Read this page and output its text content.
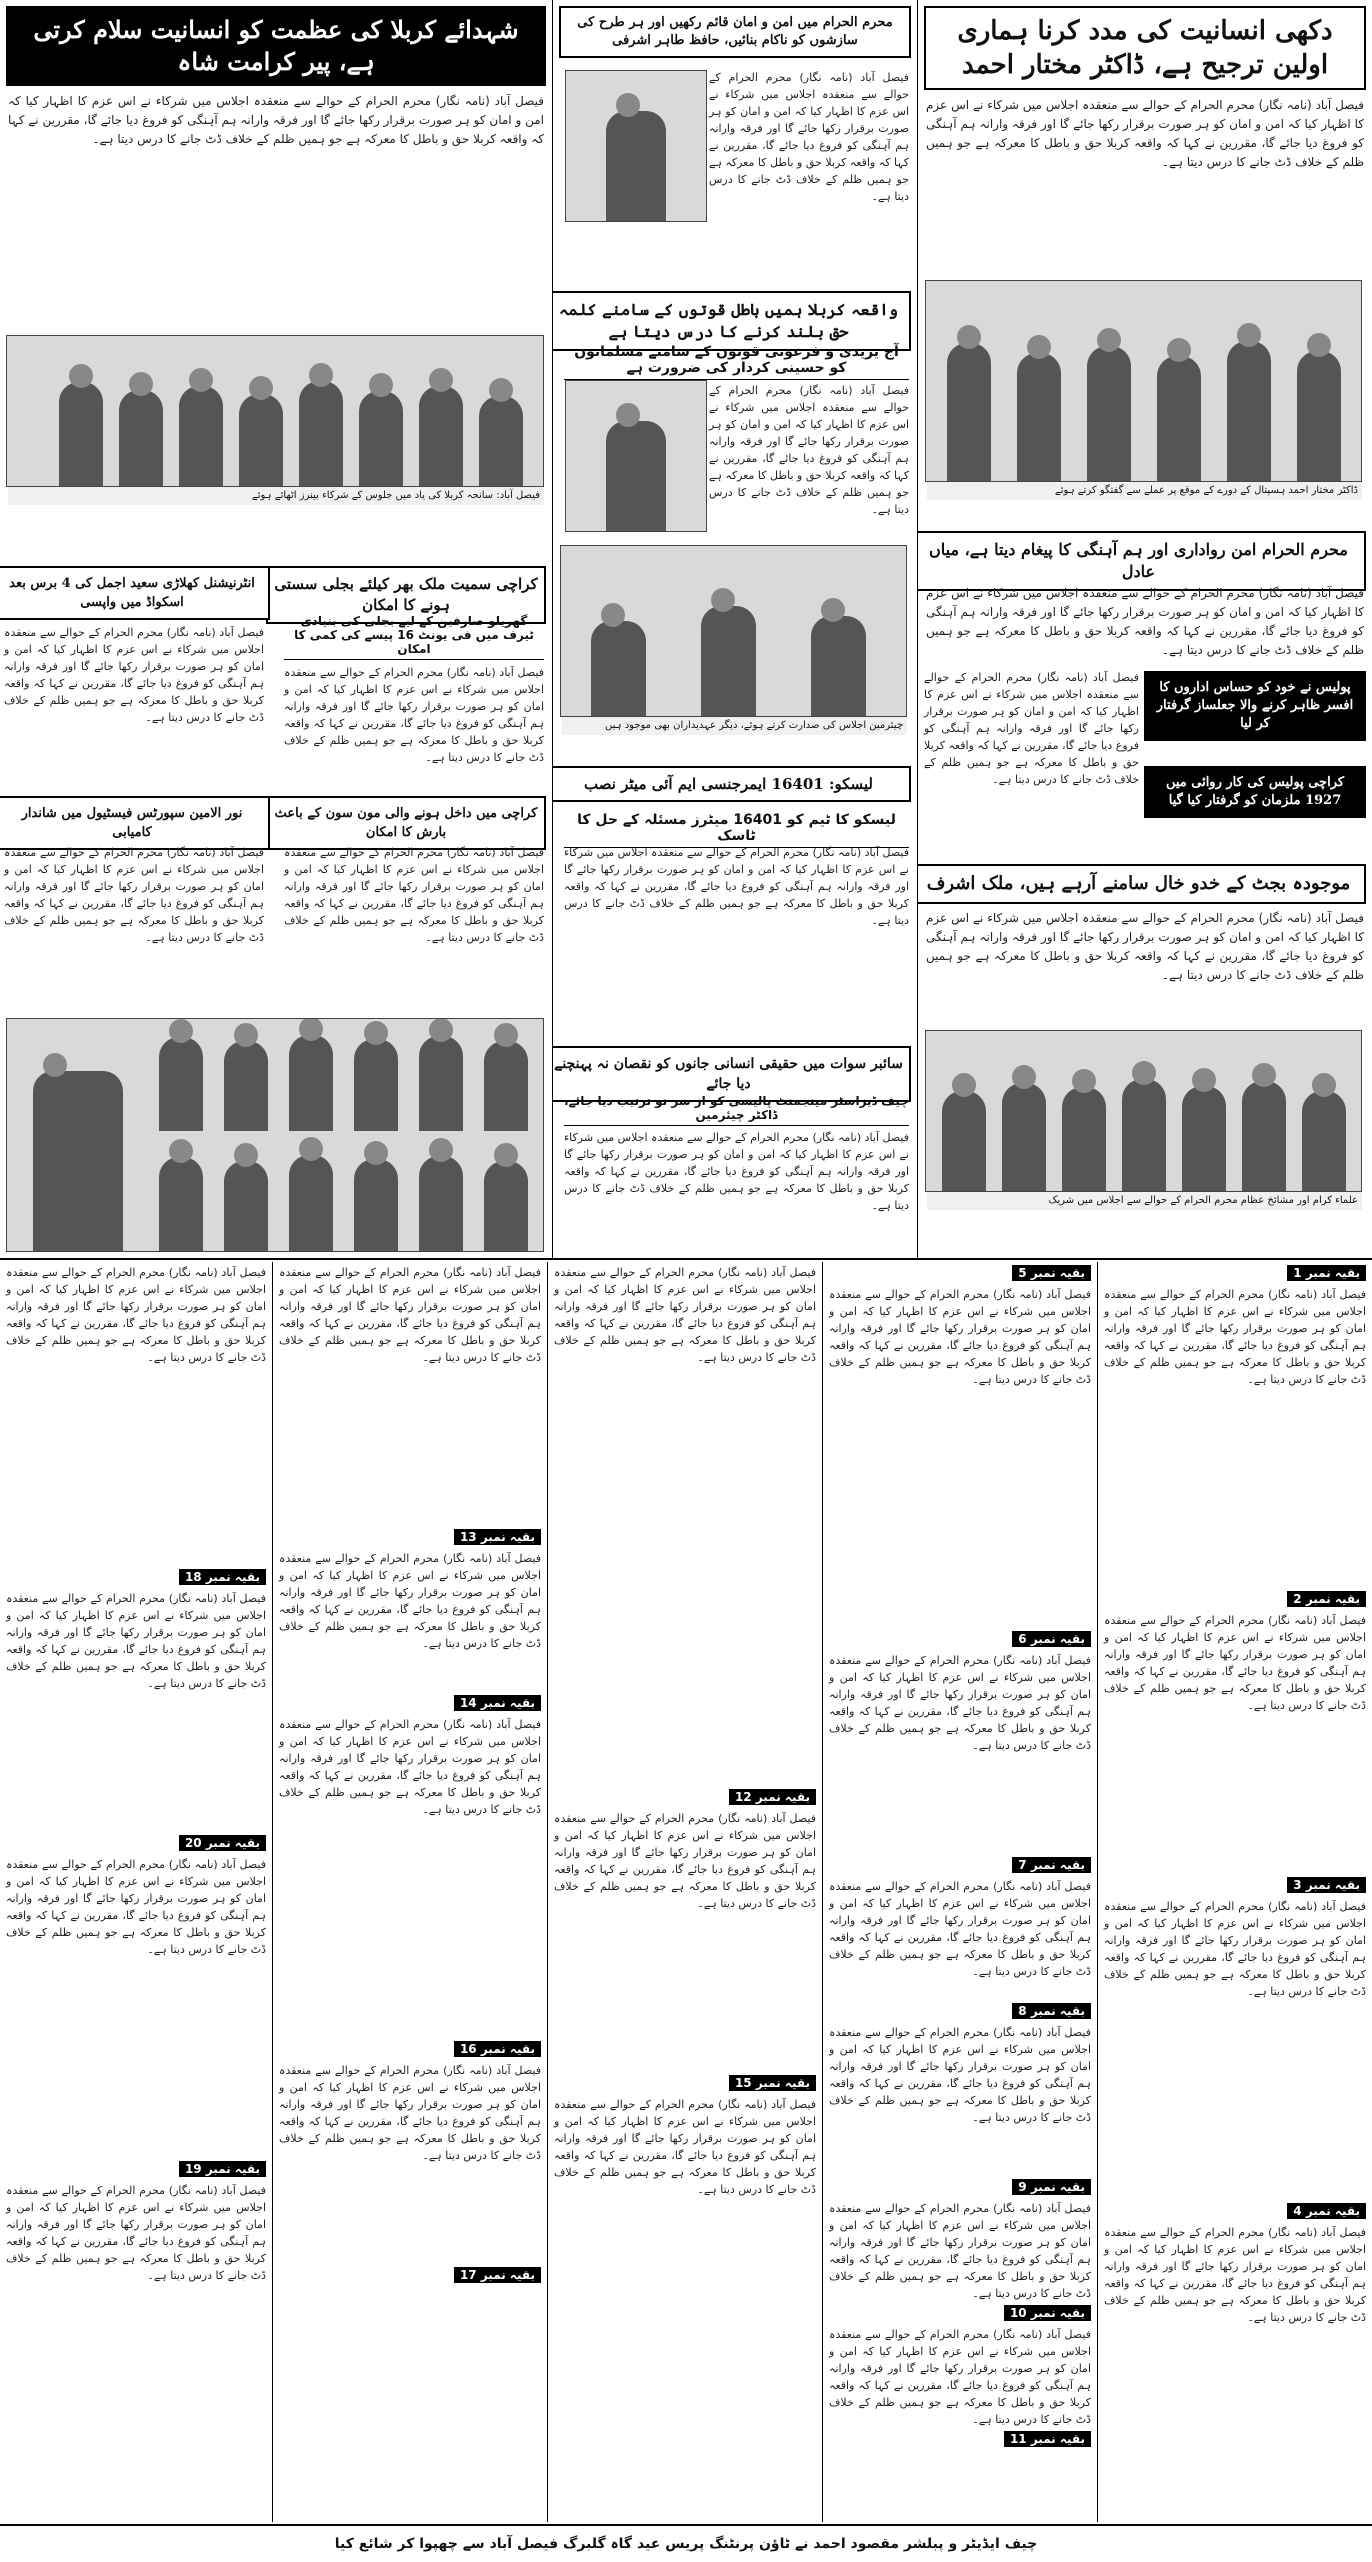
دکھی انسانیت کی مدد کرنا ہماری اولین ترجیح ہے، ڈاکٹر مختار احمد
فیصل آباد (نامہ نگار) محرم الحرام کے حوالے سے منعقدہ اجلاس میں شرکاء نے اس عزم کا اظہار کیا کہ امن و امان کو ہر صورت برقرار رکھا جائے گا اور فرقہ وارانہ ہم آہنگی کو فروغ دیا جائے گا، مقررین نے کہا کہ واقعہ کربلا حق و باطل کا معرکہ ہے جو ہمیں ظلم کے خلاف ڈٹ جانے کا درس دیتا ہے۔
ڈاکٹر مختار احمد ہسپتال کے دورے کے موقع پر عملے سے گفتگو کرتے ہوئے
محرم الحرام امن رواداری اور ہم آہنگی کا پیغام دیتا ہے، میاں عادل
فیصل آباد (نامہ نگار) محرم الحرام کے حوالے سے منعقدہ اجلاس میں شرکاء نے اس عزم کا اظہار کیا کہ امن و امان کو ہر صورت برقرار رکھا جائے گا اور فرقہ وارانہ ہم آہنگی کو فروغ دیا جائے گا، مقررین نے کہا کہ واقعہ کربلا حق و باطل کا معرکہ ہے جو ہمیں ظلم کے خلاف ڈٹ جانے کا درس دیتا ہے۔
پولیس نے خود کو حساس اداروں کا افسر ظاہر کرنے والا جعلساز گرفتار کر لیا
کراچی پولیس کی کار روائی میں 1927 ملزمان کو گرفتار کیا گیا
فیصل آباد (نامہ نگار) محرم الحرام کے حوالے سے منعقدہ اجلاس میں شرکاء نے اس عزم کا اظہار کیا کہ امن و امان کو ہر صورت برقرار رکھا جائے گا اور فرقہ وارانہ ہم آہنگی کو فروغ دیا جائے گا، مقررین نے کہا کہ واقعہ کربلا حق و باطل کا معرکہ ہے جو ہمیں ظلم کے خلاف ڈٹ جانے کا درس دیتا ہے۔
موجودہ بجٹ کے خدو خال سامنے آرہے ہیں، ملک اشرف
فیصل آباد (نامہ نگار) محرم الحرام کے حوالے سے منعقدہ اجلاس میں شرکاء نے اس عزم کا اظہار کیا کہ امن و امان کو ہر صورت برقرار رکھا جائے گا اور فرقہ وارانہ ہم آہنگی کو فروغ دیا جائے گا، مقررین نے کہا کہ واقعہ کربلا حق و باطل کا معرکہ ہے جو ہمیں ظلم کے خلاف ڈٹ جانے کا درس دیتا ہے۔
علماء کرام اور مشائخ عظام محرم الحرام کے حوالے سے اجلاس میں شریک
محرم الحرام میں امن و امان قائم رکھیں اور ہر طرح کی سازشوں کو ناکام بنائیں، حافظ طاہر اشرفی
فیصل آباد (نامہ نگار) محرم الحرام کے حوالے سے منعقدہ اجلاس میں شرکاء نے اس عزم کا اظہار کیا کہ امن و امان کو ہر صورت برقرار رکھا جائے گا اور فرقہ وارانہ ہم آہنگی کو فروغ دیا جائے گا، مقررین نے کہا کہ واقعہ کربلا حق و باطل کا معرکہ ہے جو ہمیں ظلم کے خلاف ڈٹ جانے کا درس دیتا ہے۔
واقعہ کربلا ہمیں باطل قوتوں کے سامنے کلمہ حق بلند کرنے کا درس دیتا ہے
آج یزیدی و فرعونی قوتوں کے سامنے مسلمانوں کو حسینی کردار کی ضرورت ہے
فیصل آباد (نامہ نگار) محرم الحرام کے حوالے سے منعقدہ اجلاس میں شرکاء نے اس عزم کا اظہار کیا کہ امن و امان کو ہر صورت برقرار رکھا جائے گا اور فرقہ وارانہ ہم آہنگی کو فروغ دیا جائے گا، مقررین نے کہا کہ واقعہ کربلا حق و باطل کا معرکہ ہے جو ہمیں ظلم کے خلاف ڈٹ جانے کا درس دیتا ہے۔
چیئرمین اجلاس کی صدارت کرتے ہوئے، دیگر عہدیداران بھی موجود ہیں
لیسکو: 16401 ایمرجنسی ایم آئی میٹر نصب
لیسکو کا ٹیم کو 16401 میٹرز مسئلہ کے حل کا ٹاسک
فیصل آباد (نامہ نگار) محرم الحرام کے حوالے سے منعقدہ اجلاس میں شرکاء نے اس عزم کا اظہار کیا کہ امن و امان کو ہر صورت برقرار رکھا جائے گا اور فرقہ وارانہ ہم آہنگی کو فروغ دیا جائے گا، مقررین نے کہا کہ واقعہ کربلا حق و باطل کا معرکہ ہے جو ہمیں ظلم کے خلاف ڈٹ جانے کا درس دیتا ہے۔
سائبر سوات میں حقیقی انسانی جانوں کو نقصان نہ پہنچنے دیا جائے
چیف ڈیزاسٹر مینجمنٹ پالیسی کو از سر نو ترتیب دیا جائے، ڈاکٹر چیئرمین
فیصل آباد (نامہ نگار) محرم الحرام کے حوالے سے منعقدہ اجلاس میں شرکاء نے اس عزم کا اظہار کیا کہ امن و امان کو ہر صورت برقرار رکھا جائے گا اور فرقہ وارانہ ہم آہنگی کو فروغ دیا جائے گا، مقررین نے کہا کہ واقعہ کربلا حق و باطل کا معرکہ ہے جو ہمیں ظلم کے خلاف ڈٹ جانے کا درس دیتا ہے۔
شہدائے کربلا کی عظمت کو انسانیت سلام کرتی ہے، پیر کرامت شاہ
فیصل آباد (نامہ نگار) محرم الحرام کے حوالے سے منعقدہ اجلاس میں شرکاء نے اس عزم کا اظہار کیا کہ امن و امان کو ہر صورت برقرار رکھا جائے گا اور فرقہ وارانہ ہم آہنگی کو فروغ دیا جائے گا، مقررین نے کہا کہ واقعہ کربلا حق و باطل کا معرکہ ہے جو ہمیں ظلم کے خلاف ڈٹ جانے کا درس دیتا ہے۔
فیصل آباد: سانحہ کربلا کی یاد میں جلوس کے شرکاء بینرز اٹھائے ہوئے
کراچی سمیت ملک بھر کیلئے بجلی سستی ہونے کا امکان
گھریلو صارفین کے لیے بجلی کی بنیادی ٹیرف میں فی یونٹ 16 پیسے کی کمی کا امکان
فیصل آباد (نامہ نگار) محرم الحرام کے حوالے سے منعقدہ اجلاس میں شرکاء نے اس عزم کا اظہار کیا کہ امن و امان کو ہر صورت برقرار رکھا جائے گا اور فرقہ وارانہ ہم آہنگی کو فروغ دیا جائے گا، مقررین نے کہا کہ واقعہ کربلا حق و باطل کا معرکہ ہے جو ہمیں ظلم کے خلاف ڈٹ جانے کا درس دیتا ہے۔
انٹرنیشنل کھلاڑی سعید اجمل کی 4 برس بعد اسکواڈ میں واپسی
فیصل آباد (نامہ نگار) محرم الحرام کے حوالے سے منعقدہ اجلاس میں شرکاء نے اس عزم کا اظہار کیا کہ امن و امان کو ہر صورت برقرار رکھا جائے گا اور فرقہ وارانہ ہم آہنگی کو فروغ دیا جائے گا، مقررین نے کہا کہ واقعہ کربلا حق و باطل کا معرکہ ہے جو ہمیں ظلم کے خلاف ڈٹ جانے کا درس دیتا ہے۔
کراچی میں داخل ہونے والی مون سون کے باعث بارش کا امکان
فیصل آباد (نامہ نگار) محرم الحرام کے حوالے سے منعقدہ اجلاس میں شرکاء نے اس عزم کا اظہار کیا کہ امن و امان کو ہر صورت برقرار رکھا جائے گا اور فرقہ وارانہ ہم آہنگی کو فروغ دیا جائے گا، مقررین نے کہا کہ واقعہ کربلا حق و باطل کا معرکہ ہے جو ہمیں ظلم کے خلاف ڈٹ جانے کا درس دیتا ہے۔
نور الامین سپورٹس فیسٹیول میں شاندار کامیابی
فیصل آباد (نامہ نگار) محرم الحرام کے حوالے سے منعقدہ اجلاس میں شرکاء نے اس عزم کا اظہار کیا کہ امن و امان کو ہر صورت برقرار رکھا جائے گا اور فرقہ وارانہ ہم آہنگی کو فروغ دیا جائے گا، مقررین نے کہا کہ واقعہ کربلا حق و باطل کا معرکہ ہے جو ہمیں ظلم کے خلاف ڈٹ جانے کا درس دیتا ہے۔
بقیہ نمبر 1
فیصل آباد (نامہ نگار) محرم الحرام کے حوالے سے منعقدہ اجلاس میں شرکاء نے اس عزم کا اظہار کیا کہ امن و امان کو ہر صورت برقرار رکھا جائے گا اور فرقہ وارانہ ہم آہنگی کو فروغ دیا جائے گا، مقررین نے کہا کہ واقعہ کربلا حق و باطل کا معرکہ ہے جو ہمیں ظلم کے خلاف ڈٹ جانے کا درس دیتا ہے۔
بقیہ نمبر 2
فیصل آباد (نامہ نگار) محرم الحرام کے حوالے سے منعقدہ اجلاس میں شرکاء نے اس عزم کا اظہار کیا کہ امن و امان کو ہر صورت برقرار رکھا جائے گا اور فرقہ وارانہ ہم آہنگی کو فروغ دیا جائے گا، مقررین نے کہا کہ واقعہ کربلا حق و باطل کا معرکہ ہے جو ہمیں ظلم کے خلاف ڈٹ جانے کا درس دیتا ہے۔
بقیہ نمبر 3
فیصل آباد (نامہ نگار) محرم الحرام کے حوالے سے منعقدہ اجلاس میں شرکاء نے اس عزم کا اظہار کیا کہ امن و امان کو ہر صورت برقرار رکھا جائے گا اور فرقہ وارانہ ہم آہنگی کو فروغ دیا جائے گا، مقررین نے کہا کہ واقعہ کربلا حق و باطل کا معرکہ ہے جو ہمیں ظلم کے خلاف ڈٹ جانے کا درس دیتا ہے۔
بقیہ نمبر 4
فیصل آباد (نامہ نگار) محرم الحرام کے حوالے سے منعقدہ اجلاس میں شرکاء نے اس عزم کا اظہار کیا کہ امن و امان کو ہر صورت برقرار رکھا جائے گا اور فرقہ وارانہ ہم آہنگی کو فروغ دیا جائے گا، مقررین نے کہا کہ واقعہ کربلا حق و باطل کا معرکہ ہے جو ہمیں ظلم کے خلاف ڈٹ جانے کا درس دیتا ہے۔
بقیہ نمبر 5
فیصل آباد (نامہ نگار) محرم الحرام کے حوالے سے منعقدہ اجلاس میں شرکاء نے اس عزم کا اظہار کیا کہ امن و امان کو ہر صورت برقرار رکھا جائے گا اور فرقہ وارانہ ہم آہنگی کو فروغ دیا جائے گا، مقررین نے کہا کہ واقعہ کربلا حق و باطل کا معرکہ ہے جو ہمیں ظلم کے خلاف ڈٹ جانے کا درس دیتا ہے۔
بقیہ نمبر 6
فیصل آباد (نامہ نگار) محرم الحرام کے حوالے سے منعقدہ اجلاس میں شرکاء نے اس عزم کا اظہار کیا کہ امن و امان کو ہر صورت برقرار رکھا جائے گا اور فرقہ وارانہ ہم آہنگی کو فروغ دیا جائے گا، مقررین نے کہا کہ واقعہ کربلا حق و باطل کا معرکہ ہے جو ہمیں ظلم کے خلاف ڈٹ جانے کا درس دیتا ہے۔
بقیہ نمبر 7
فیصل آباد (نامہ نگار) محرم الحرام کے حوالے سے منعقدہ اجلاس میں شرکاء نے اس عزم کا اظہار کیا کہ امن و امان کو ہر صورت برقرار رکھا جائے گا اور فرقہ وارانہ ہم آہنگی کو فروغ دیا جائے گا، مقررین نے کہا کہ واقعہ کربلا حق و باطل کا معرکہ ہے جو ہمیں ظلم کے خلاف ڈٹ جانے کا درس دیتا ہے۔
بقیہ نمبر 8
فیصل آباد (نامہ نگار) محرم الحرام کے حوالے سے منعقدہ اجلاس میں شرکاء نے اس عزم کا اظہار کیا کہ امن و امان کو ہر صورت برقرار رکھا جائے گا اور فرقہ وارانہ ہم آہنگی کو فروغ دیا جائے گا، مقررین نے کہا کہ واقعہ کربلا حق و باطل کا معرکہ ہے جو ہمیں ظلم کے خلاف ڈٹ جانے کا درس دیتا ہے۔
بقیہ نمبر 9
فیصل آباد (نامہ نگار) محرم الحرام کے حوالے سے منعقدہ اجلاس میں شرکاء نے اس عزم کا اظہار کیا کہ امن و امان کو ہر صورت برقرار رکھا جائے گا اور فرقہ وارانہ ہم آہنگی کو فروغ دیا جائے گا، مقررین نے کہا کہ واقعہ کربلا حق و باطل کا معرکہ ہے جو ہمیں ظلم کے خلاف ڈٹ جانے کا درس دیتا ہے۔
بقیہ نمبر 10
فیصل آباد (نامہ نگار) محرم الحرام کے حوالے سے منعقدہ اجلاس میں شرکاء نے اس عزم کا اظہار کیا کہ امن و امان کو ہر صورت برقرار رکھا جائے گا اور فرقہ وارانہ ہم آہنگی کو فروغ دیا جائے گا، مقررین نے کہا کہ واقعہ کربلا حق و باطل کا معرکہ ہے جو ہمیں ظلم کے خلاف ڈٹ جانے کا درس دیتا ہے۔
بقیہ نمبر 11
فیصل آباد (نامہ نگار) محرم الحرام کے حوالے سے منعقدہ اجلاس میں شرکاء نے اس عزم کا اظہار کیا کہ امن و امان کو ہر صورت برقرار رکھا جائے گا اور فرقہ وارانہ ہم آہنگی کو فروغ دیا جائے گا، مقررین نے کہا کہ واقعہ کربلا حق و باطل کا معرکہ ہے جو ہمیں ظلم کے خلاف ڈٹ جانے کا درس دیتا ہے۔
بقیہ نمبر 12
فیصل آباد (نامہ نگار) محرم الحرام کے حوالے سے منعقدہ اجلاس میں شرکاء نے اس عزم کا اظہار کیا کہ امن و امان کو ہر صورت برقرار رکھا جائے گا اور فرقہ وارانہ ہم آہنگی کو فروغ دیا جائے گا، مقررین نے کہا کہ واقعہ کربلا حق و باطل کا معرکہ ہے جو ہمیں ظلم کے خلاف ڈٹ جانے کا درس دیتا ہے۔
بقیہ نمبر 15
فیصل آباد (نامہ نگار) محرم الحرام کے حوالے سے منعقدہ اجلاس میں شرکاء نے اس عزم کا اظہار کیا کہ امن و امان کو ہر صورت برقرار رکھا جائے گا اور فرقہ وارانہ ہم آہنگی کو فروغ دیا جائے گا، مقررین نے کہا کہ واقعہ کربلا حق و باطل کا معرکہ ہے جو ہمیں ظلم کے خلاف ڈٹ جانے کا درس دیتا ہے۔
فیصل آباد (نامہ نگار) محرم الحرام کے حوالے سے منعقدہ اجلاس میں شرکاء نے اس عزم کا اظہار کیا کہ امن و امان کو ہر صورت برقرار رکھا جائے گا اور فرقہ وارانہ ہم آہنگی کو فروغ دیا جائے گا، مقررین نے کہا کہ واقعہ کربلا حق و باطل کا معرکہ ہے جو ہمیں ظلم کے خلاف ڈٹ جانے کا درس دیتا ہے۔
بقیہ نمبر 13
فیصل آباد (نامہ نگار) محرم الحرام کے حوالے سے منعقدہ اجلاس میں شرکاء نے اس عزم کا اظہار کیا کہ امن و امان کو ہر صورت برقرار رکھا جائے گا اور فرقہ وارانہ ہم آہنگی کو فروغ دیا جائے گا، مقررین نے کہا کہ واقعہ کربلا حق و باطل کا معرکہ ہے جو ہمیں ظلم کے خلاف ڈٹ جانے کا درس دیتا ہے۔
بقیہ نمبر 14
فیصل آباد (نامہ نگار) محرم الحرام کے حوالے سے منعقدہ اجلاس میں شرکاء نے اس عزم کا اظہار کیا کہ امن و امان کو ہر صورت برقرار رکھا جائے گا اور فرقہ وارانہ ہم آہنگی کو فروغ دیا جائے گا، مقررین نے کہا کہ واقعہ کربلا حق و باطل کا معرکہ ہے جو ہمیں ظلم کے خلاف ڈٹ جانے کا درس دیتا ہے۔
بقیہ نمبر 16
فیصل آباد (نامہ نگار) محرم الحرام کے حوالے سے منعقدہ اجلاس میں شرکاء نے اس عزم کا اظہار کیا کہ امن و امان کو ہر صورت برقرار رکھا جائے گا اور فرقہ وارانہ ہم آہنگی کو فروغ دیا جائے گا، مقررین نے کہا کہ واقعہ کربلا حق و باطل کا معرکہ ہے جو ہمیں ظلم کے خلاف ڈٹ جانے کا درس دیتا ہے۔
بقیہ نمبر 17
فیصل آباد (نامہ نگار) محرم الحرام کے حوالے سے منعقدہ اجلاس میں شرکاء نے اس عزم کا اظہار کیا کہ امن و امان کو ہر صورت برقرار رکھا جائے گا اور فرقہ وارانہ ہم آہنگی کو فروغ دیا جائے گا، مقررین نے کہا کہ واقعہ کربلا حق و باطل کا معرکہ ہے جو ہمیں ظلم کے خلاف ڈٹ جانے کا درس دیتا ہے۔
بقیہ نمبر 18
فیصل آباد (نامہ نگار) محرم الحرام کے حوالے سے منعقدہ اجلاس میں شرکاء نے اس عزم کا اظہار کیا کہ امن و امان کو ہر صورت برقرار رکھا جائے گا اور فرقہ وارانہ ہم آہنگی کو فروغ دیا جائے گا، مقررین نے کہا کہ واقعہ کربلا حق و باطل کا معرکہ ہے جو ہمیں ظلم کے خلاف ڈٹ جانے کا درس دیتا ہے۔
بقیہ نمبر 20
فیصل آباد (نامہ نگار) محرم الحرام کے حوالے سے منعقدہ اجلاس میں شرکاء نے اس عزم کا اظہار کیا کہ امن و امان کو ہر صورت برقرار رکھا جائے گا اور فرقہ وارانہ ہم آہنگی کو فروغ دیا جائے گا، مقررین نے کہا کہ واقعہ کربلا حق و باطل کا معرکہ ہے جو ہمیں ظلم کے خلاف ڈٹ جانے کا درس دیتا ہے۔
بقیہ نمبر 19
فیصل آباد (نامہ نگار) محرم الحرام کے حوالے سے منعقدہ اجلاس میں شرکاء نے اس عزم کا اظہار کیا کہ امن و امان کو ہر صورت برقرار رکھا جائے گا اور فرقہ وارانہ ہم آہنگی کو فروغ دیا جائے گا، مقررین نے کہا کہ واقعہ کربلا حق و باطل کا معرکہ ہے جو ہمیں ظلم کے خلاف ڈٹ جانے کا درس دیتا ہے۔
چیف ایڈیٹر و پبلشر مقصود احمد نے ٹاؤن پرنٹنگ پریس عید گاہ گلبرگ فیصل آباد سے چھپوا کر شائع کیا
